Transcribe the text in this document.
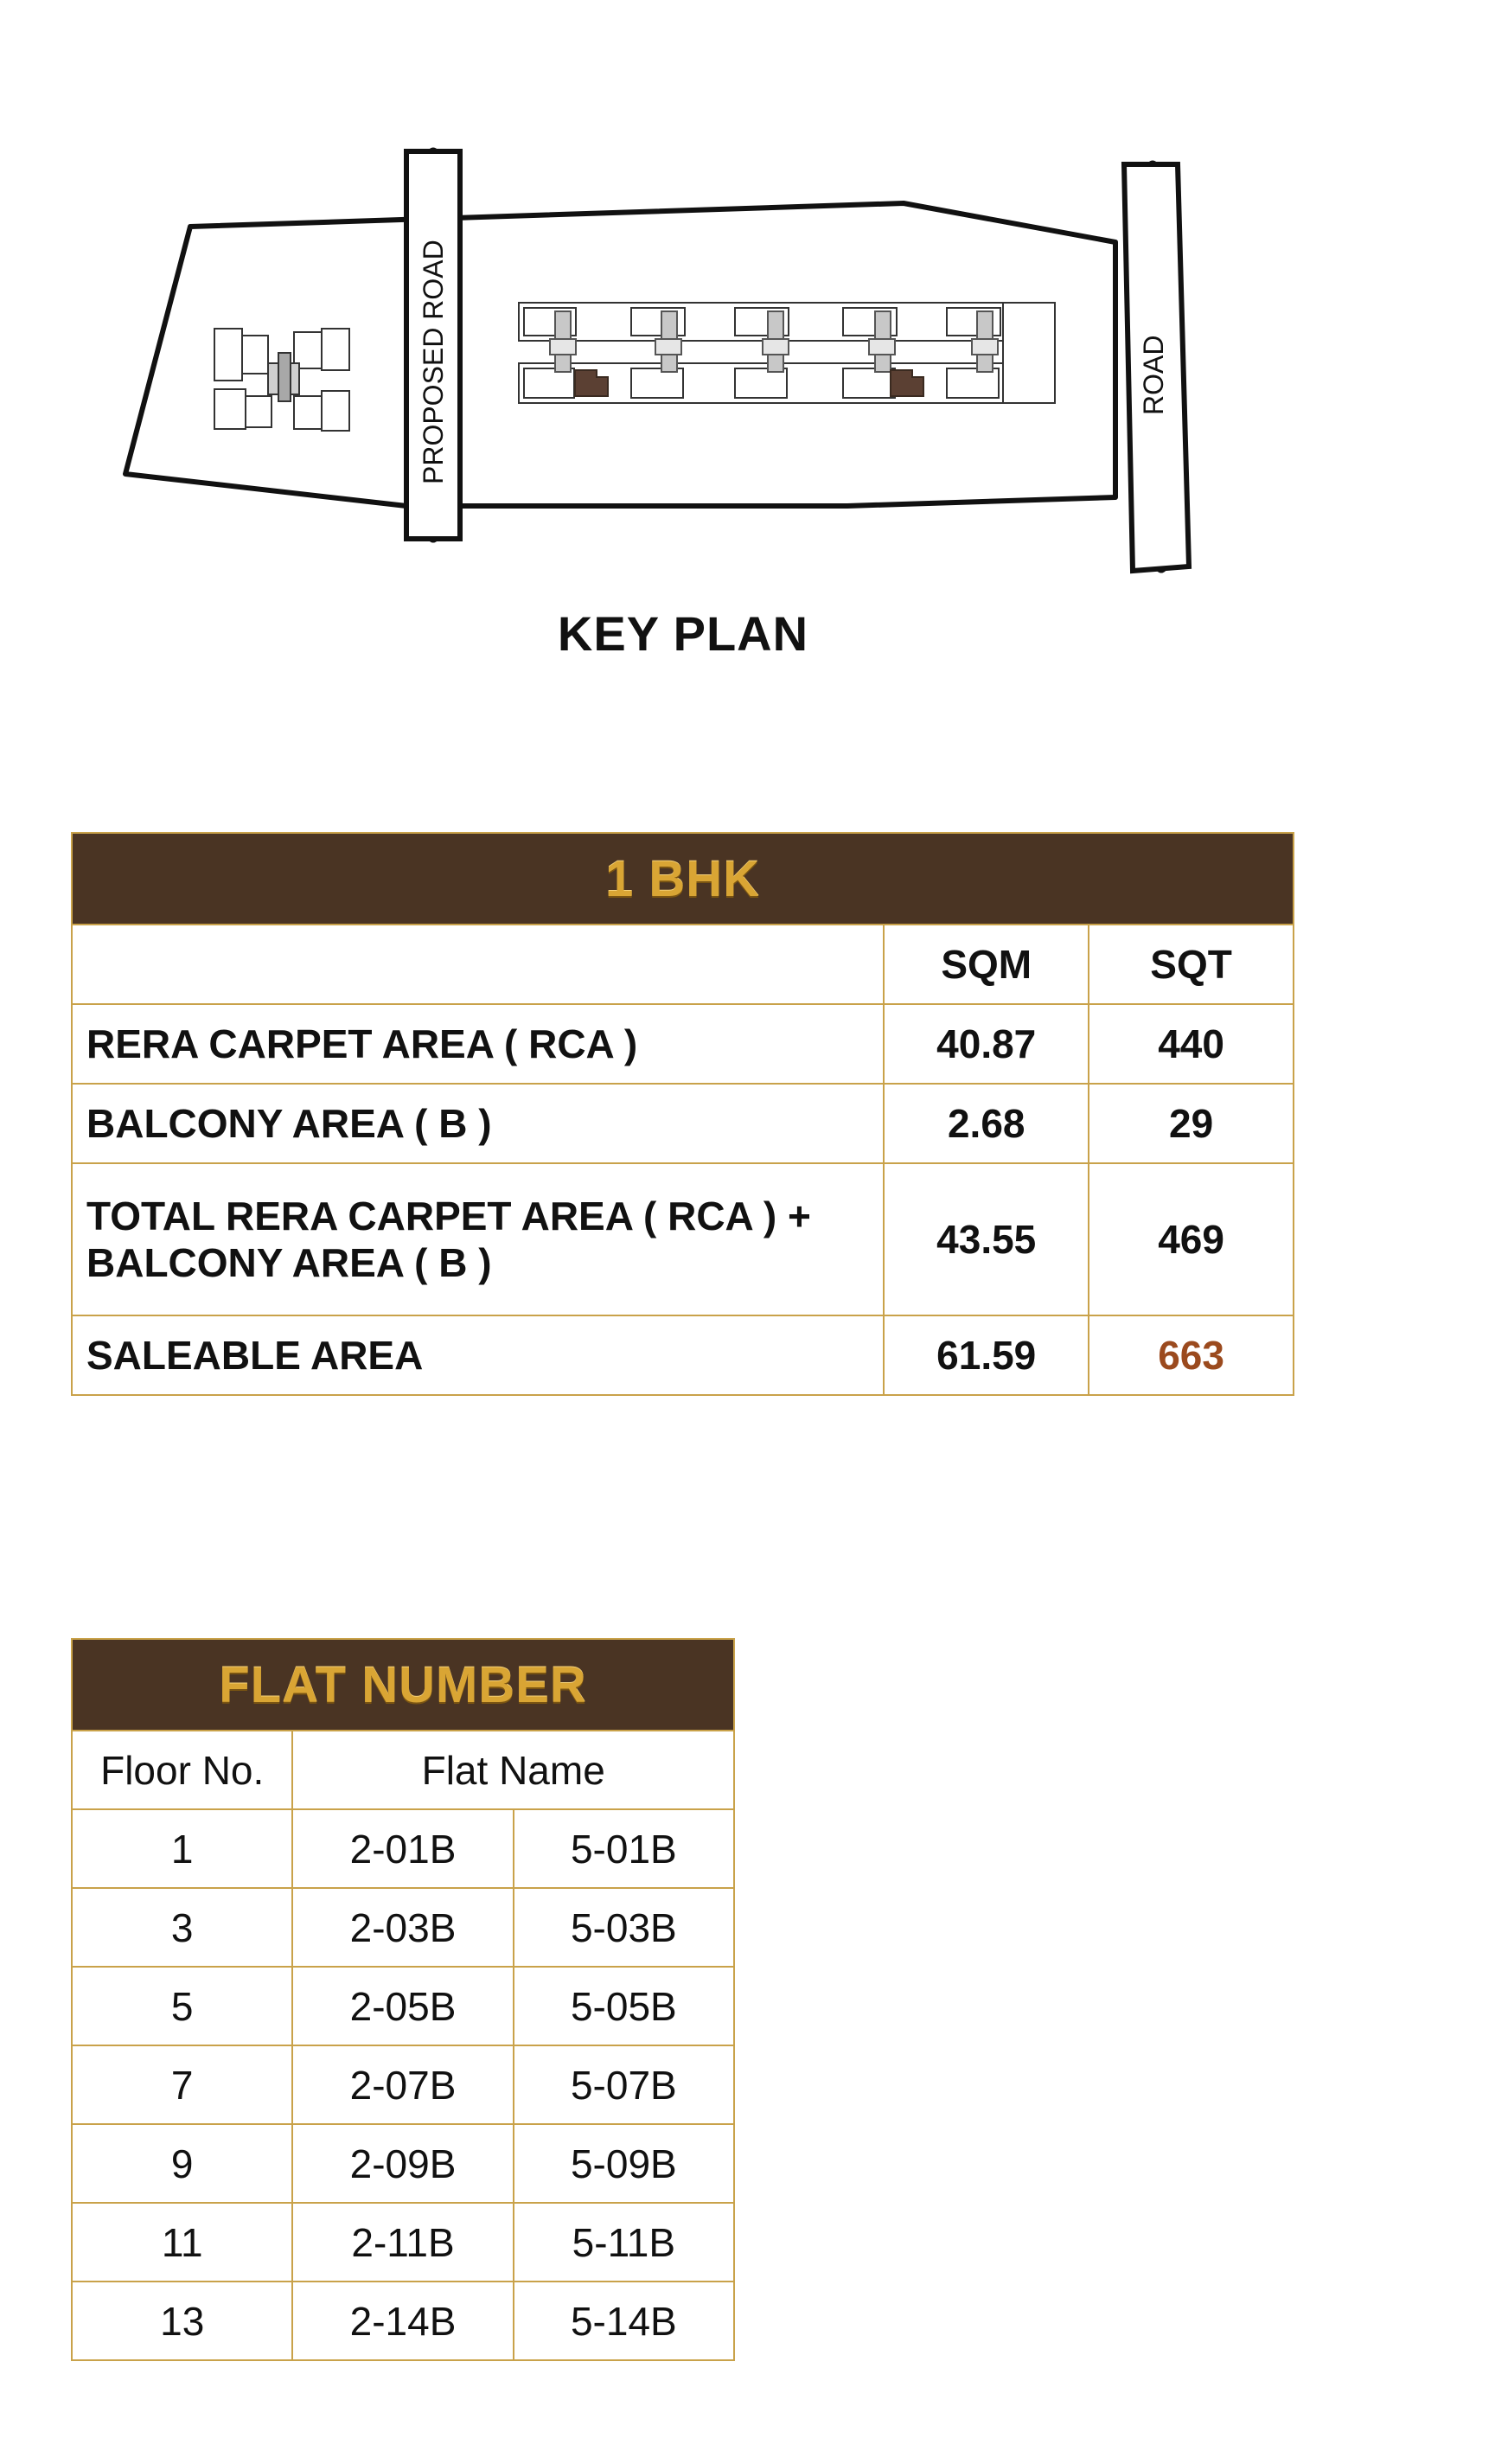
PROPOSED ROAD	ROAD
KEY PLAN
1 BHK		
	SQM	SQT
RERA CARPET AREA ( RCA )	40.87	440
BALCONY AREA ( B )	2.68	29

TOTAL RERA CARPET AREA ( RCA ) +
BALCONY AREA ( B )	43.55	469
SALEABLE AREA	61.59	663
FLAT NUMBER		
Floor No.	Flat Name	
1	2-01B	5-01B
3	2-03B	5-03B
5	2-05B	5-05B
7	2-07B	5-07B
9	2-09B	5-09B
11	2-11B	5-11B
13	2-14B	5-14B
